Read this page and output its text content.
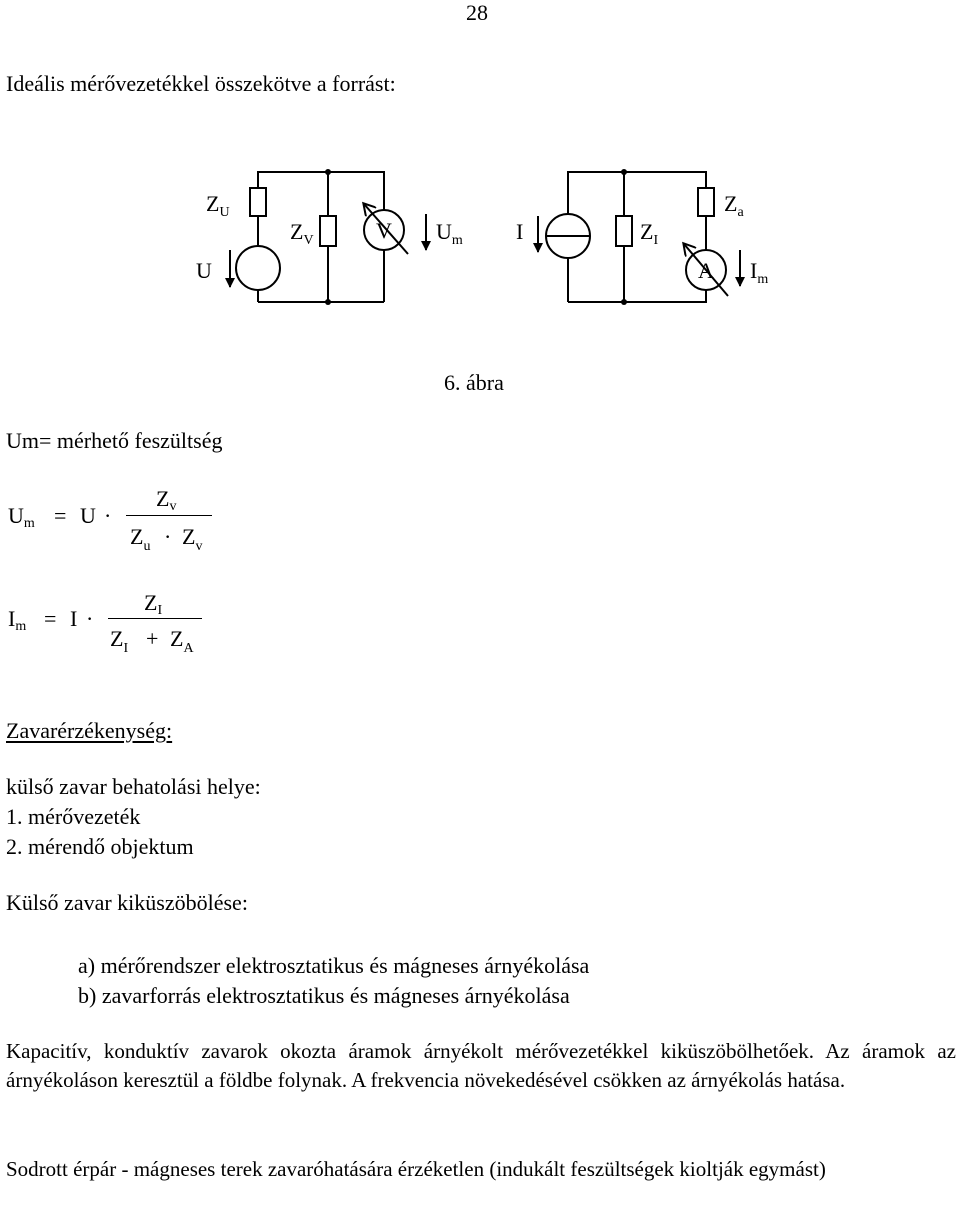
28
Ideális mérővezetékkel összekötve a forrást:
$Z_U$
U
$Z_V$	V $U_m$ I	$Z_I$
$Z_a$
A $I_m$
6. ábra
Um= mérhető feszültség
$U_m = U$ ·
$Z_v$
$Z_u \cdot Z_v$
$I_m = I$ ·
$Z_I$
$Z_I + Z_A$
Zavarérzékenység:
külső zavar behatolási helye:
1. mérővezeték
2. mérendő objektum
Külső zavar kiküszöbölése:
a) mérőrendszer elektrosztatikus és mágneses árnyékolása
b) zavarforrás elektrosztatikus és mágneses árnyékolása
Kapacitív, konduktív zavarok okozta áramok árnyékolt mérővezetékkel kiküszöbölhetőek. Az áramok az árnyékoláson keresztül a földbe folynak. A frekvencia növekedésével csökken az árnyékolás hatása.
Sodrott érpár - mágneses terek zavaróhatására érzéketlen (indukált feszültségek kioltják egymást)
